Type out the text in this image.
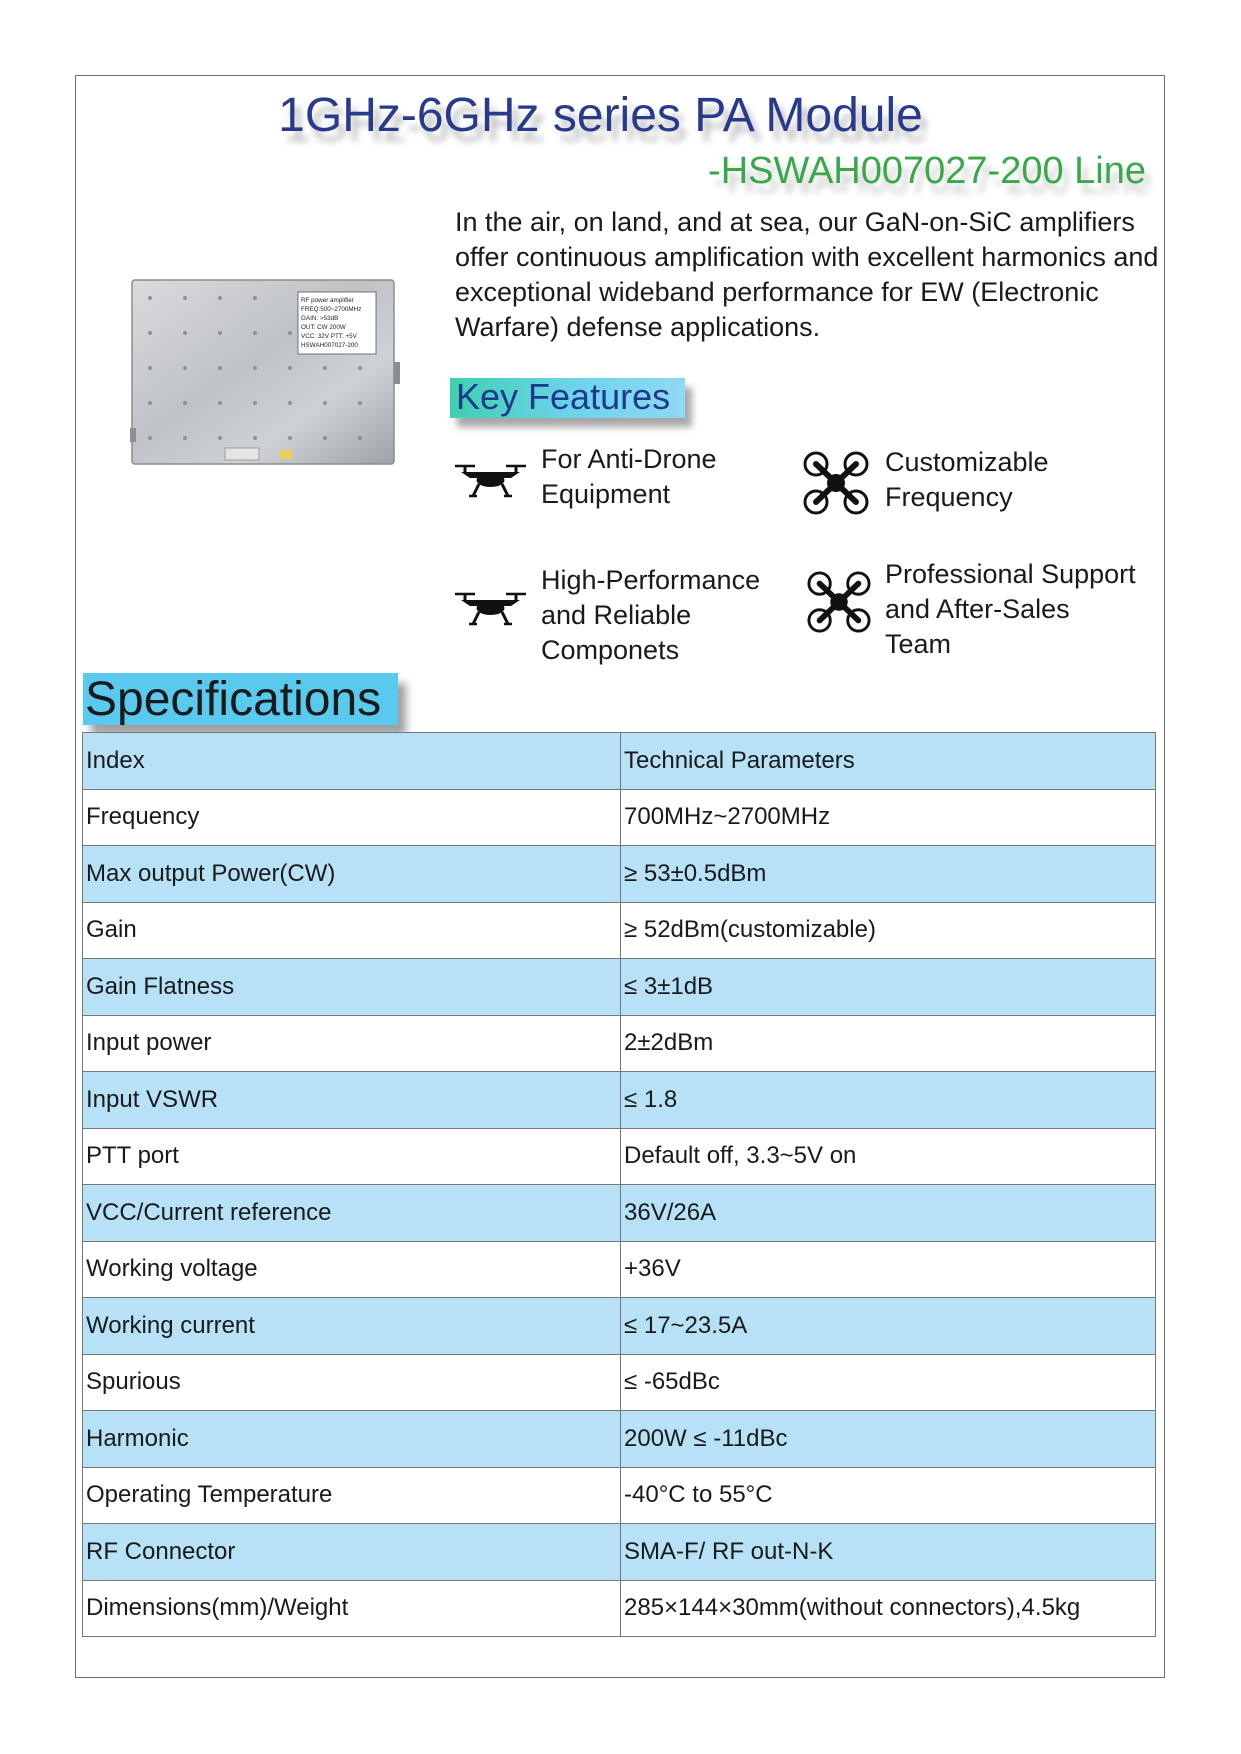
1GHz-6GHz series PA Module
-HSWAH007027-200 Line
In the air, on land, and at sea, our GaN-on-SiC amplifiers offer continuous amplification with excellent harmonics and exceptional wideband performance for EW (Electronic Warfare) defense applications.
RF power amplifier
FREQ:500~2700MHz
GAIN: >53dB
OUT: CW 200W
VCC: 32V PTT: +5V
HSWAH007027-200
Key Features
For Anti-Drone
Equipment
Customizable
Frequency
High-Performance
and Reliable
Componets
Professional Support
and After-Sales
Team
Specifications
Index	Technical Parameters
Frequency	700MHz~2700MHz
Max output Power(CW)	≥ 53±0.5dBm
Gain	≥ 52dBm(customizable)
Gain Flatness	≤ 3±1dB
Input power	2±2dBm
Input VSWR	≤ 1.8
PTT port	Default off, 3.3~5V on
VCC/Current reference	36V/26A
Working voltage	+36V
Working current	≤ 17~23.5A
Spurious	≤ -65dBc
Harmonic	200W ≤ -11dBc
Operating Temperature	-40°C to 55°C
RF Connector	SMA-F/ RF out-N-K
Dimensions(mm)/Weight	285×144×30mm(without connectors),4.5kg
